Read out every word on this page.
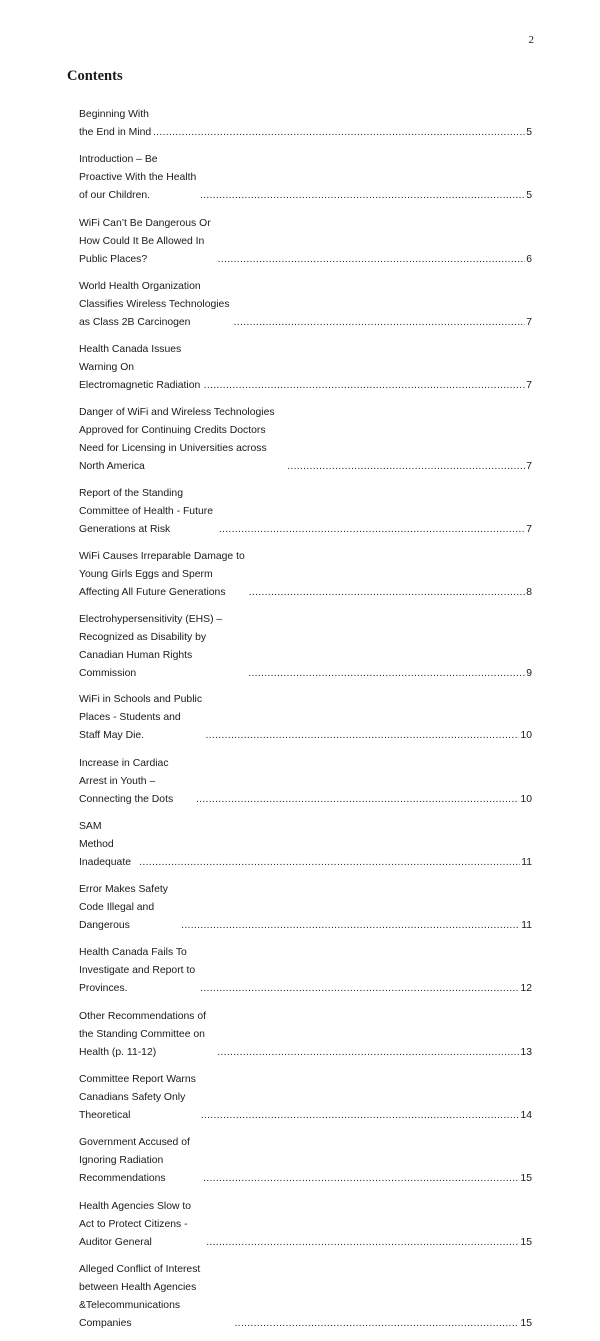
2
Contents
Beginning With the End in Mind .....	5
Introduction – Be Proactive With the Health of our Children. .....	5
WiFi Can’t Be Dangerous Or How Could It Be Allowed In Public Places? .....	6
World Health Organization Classifies Wireless Technologies as Class 2B Carcinogen .....	7
Health Canada Issues Warning On Electromagnetic Radiation .....	7
Danger of WiFi and Wireless Technologies Approved for Continuing Credits Doctors Need for Licensing in Universities across North America .....	7
Report of the Standing Committee of Health - Future Generations at Risk .....	7
WiFi Causes Irreparable Damage to Young Girls Eggs and Sperm Affecting All Future Generations .....	8
Electrohypersensitivity (EHS) – Recognized as Disability by Canadian Human Rights Commission .....	9
WiFi in Schools and Public Places - Students and Staff May Die. .....	10
Increase in Cardiac Arrest in Youth – Connecting the Dots .....	10
SAM Method Inadequate .....	11
Error Makes Safety Code Illegal and Dangerous .....	11
Health Canada Fails To Investigate and Report to Provinces. .....	12
Other Recommendations of the Standing Committee on Health (p. 11-12) .....	13
Committee Report Warns Canadians Safety Only Theoretical .....	14
Government Accused of Ignoring Radiation Recommendations .....	15
Health Agencies Slow to Act to Protect Citizens - Auditor General .....	15
Alleged Conflict of Interest between Health Agencies &Telecommunications Companies .....	15
